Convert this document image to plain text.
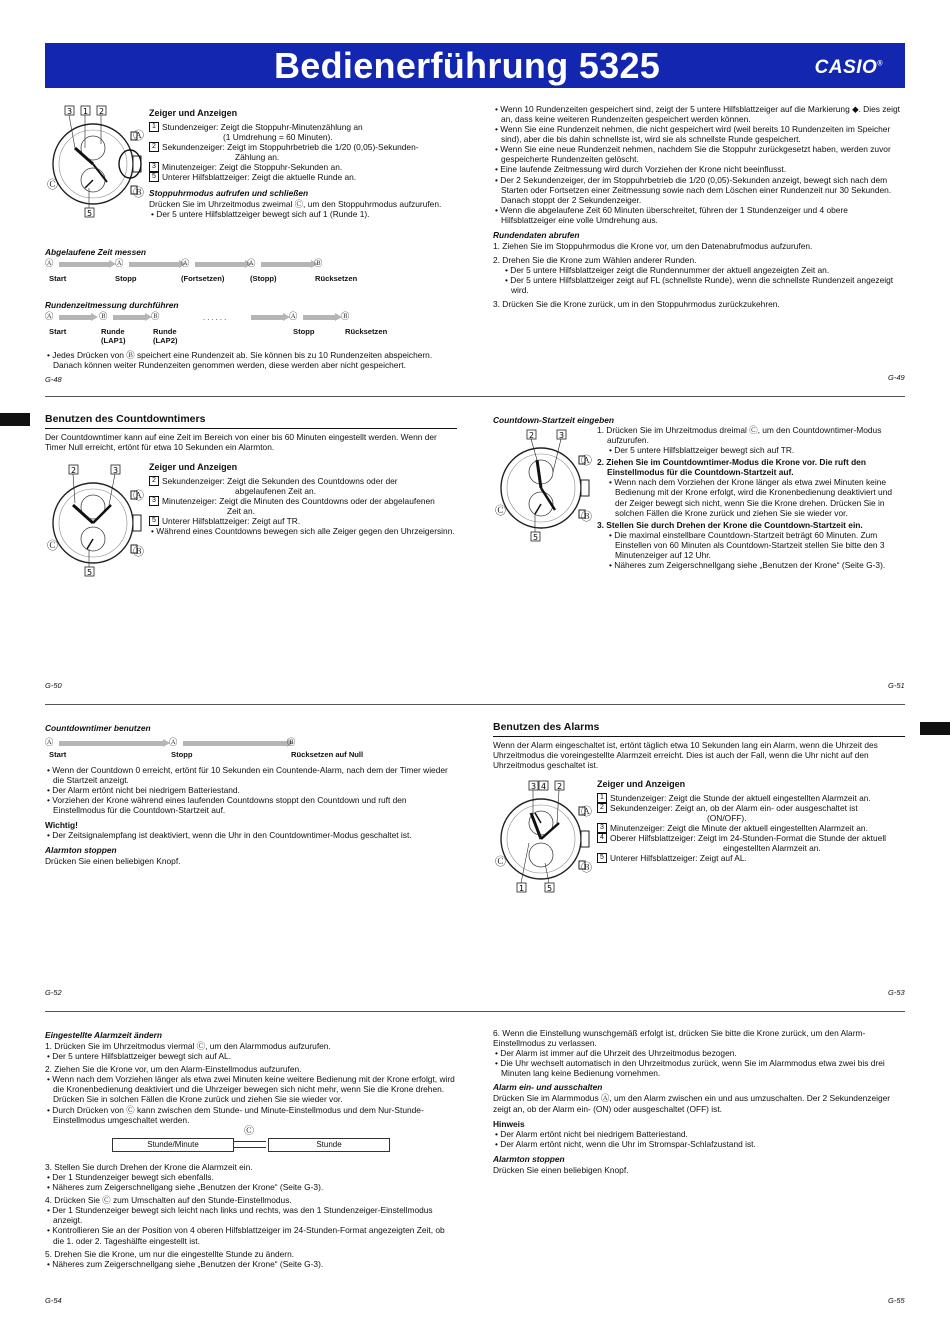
Bedienerführung 5325	CASIO®
Ⓒ
Ⓐ
Ⓑ
3 1 2
5
Zeiger und Anzeigen
1 Stundenzeiger: Zeigt die Stoppuhr-Minutenzählung an
(1 Umdrehung = 60 Minuten).
2 Sekundenzeiger: Zeigt im Stoppuhrbetrieb die 1/20 (0,05)-Sekunden-
Zählung an.
3 Minutenzeiger: Zeigt die Stoppuhr-Sekunden an.
5 Unterer Hilfsblattzeiger: Zeigt die aktuelle Runde an.
Stoppuhrmodus aufrufen und schließen
Drücken Sie im Uhrzeitmodus zweimal Ⓒ, um den Stoppuhrmodus aufzurufen.
• Der 5 untere Hilfsblattzeiger bewegt sich auf 1 (Runde 1).
Abgelaufene Zeit messen
Ⓐ	Ⓐ	Ⓐ	Ⓐ	Ⓑ
Start	Stopp	(Fortsetzen)	(Stopp)	Rücksetzen
Rundenzeitmessung durchführen
Ⓐ	Ⓑ	Ⓑ	. . . . . .	Ⓐ	Ⓑ
Start	Runde (LAP1)
Runde (LAP2)
Stopp	Rücksetzen
• Jedes Drücken von Ⓑ speichert eine Rundenzeit ab. Sie können bis zu 10 Rundenzeiten abspeichern.
Danach können weiter Rundenzeiten genommen werden, diese werden aber nicht gespeichert.
G-48
• Wenn 10 Rundenzeiten gespeichert sind, zeigt der 5 untere Hilfsblattzeiger auf die Markierung ◆. Dies zeigt an, dass keine weiteren Rundenzeiten gespeichert werden können.
• Wenn Sie eine Rundenzeit nehmen, die nicht gespeichert wird (weil bereits 10 Rundenzeiten im Speicher sind), aber die bis dahin schnellste ist, wird sie als schnellste Runde gespeichert.
• Wenn Sie eine neue Rundenzeit nehmen, nachdem Sie die Stoppuhr zurückgesetzt haben, werden zuvor gespeicherte Rundenzeiten gelöscht.
• Eine laufende Zeitmessung wird durch Vorziehen der Krone nicht beeinflusst.
• Der 2 Sekundenzeiger, der im Stoppuhrbetrieb die 1/20 (0,05)-Sekunden anzeigt, bewegt sich nach dem Starten oder Fortsetzen einer Zeitmessung sowie nach dem Löschen einer Rundenzeit nur 30 Sekunden. Danach stoppt der 2 Sekundenzeiger.
• Wenn die abgelaufene Zeit 60 Minuten überschreitet, führen der 1 Stundenzeiger und 4 obere Hilfsblattzeiger eine volle Umdrehung aus.
Rundendaten abrufen
1. Ziehen Sie im Stoppuhrmodus die Krone vor, um den Datenabrufmodus aufzurufen.
2. Drehen Sie die Krone zum Wählen anderer Runden.
• Der 5 untere Hilfsblattzeiger zeigt die Rundennummer der aktuell angezeigten Zeit an.
• Der 5 untere Hilfsblattzeiger zeigt auf FL (schnellste Runde), wenn die schnellste Rundenzeit angezeigt wird.
3. Drücken Sie die Krone zurück, um in den Stoppuhrmodus zurückzukehren.
G-49
Benutzen des Countdowntimers
Der Countdowntimer kann auf eine Zeit im Bereich von einer bis 60 Minuten eingestellt werden. Wenn der Timer Null erreicht, ertönt für etwa 10 Sekunden ein Alarmton.
Ⓒ
Ⓐ
Ⓑ
2	3
5
Zeiger und Anzeigen
2 Sekundenzeiger: Zeigt die Sekunden des Countdowns oder der
abgelaufenen Zeit an.
3 Minutenzeiger: Zeigt die Minuten des Countdowns oder der abgelaufenen
Zeit an.
5 Unterer Hilfsblattzeiger: Zeigt auf TR.
• Während eines Countdowns bewegen sich alle Zeiger gegen den Uhrzeigersinn.
G-50
Countdown-Startzeit eingeben
Ⓒ
Ⓐ
Ⓑ
2	3
5
1. Drücken Sie im Uhrzeitmodus dreimal Ⓒ, um den Countdowntimer-Modus aufzurufen.
• Der 5 untere Hilfsblattzeiger bewegt sich auf TR.
2. Ziehen Sie im Countdowntimer-Modus die Krone vor. Die ruft den Einstellmodus für die Countdown-Startzeit auf.
• Wenn nach dem Vorziehen der Krone länger als etwa zwei Minuten keine Bedienung mit der Krone erfolgt, wird die Kronenbedienung deaktiviert und der Zeiger bewegt sich nicht, wenn Sie die Krone drehen. Drücken Sie in solchen Fällen die Krone zurück und ziehen Sie sie wieder vor.
3. Stellen Sie durch Drehen der Krone die Countdown-Startzeit ein.
• Die maximal einstellbare Countdown-Startzeit beträgt 60 Minuten. Zum Einstellen von 60 Minuten als Countdown-Startzeit stellen Sie bitte den 3 Minutenzeiger auf 12 Uhr.
• Näheres zum Zeigerschnellgang siehe „Benutzen der Krone“ (Seite G-3).
G-51
Countdowntimer benutzen
Ⓐ	Ⓐ	Ⓑ
Start	Stopp	Rücksetzen auf Null
• Wenn der Countdown 0 erreicht, ertönt für 10 Sekunden ein Countende-Alarm, nach dem der Timer wieder die Startzeit anzeigt.
• Der Alarm ertönt nicht bei niedrigem Batteriestand.
• Vorziehen der Krone während eines laufenden Countdowns stoppt den Countdown und ruft den Einstellmodus für die Countdown-Startzeit auf.
Wichtig!
• Der Zeitsignalempfang ist deaktiviert, wenn die Uhr in den Countdowntimer-Modus geschaltet ist.
Alarmton stoppen
Drücken Sie einen beliebigen Knopf.
G-52
Benutzen des Alarms
Wenn der Alarm eingeschaltet ist, ertönt täglich etwa 10 Sekunden lang ein Alarm, wenn die Uhrzeit des Uhrzeitmodus die voreingestellte Alarmzeit erreicht. Dies ist auch der Fall, wenn die Uhr nicht auf den Uhrzeitmodus geschaltet ist.
Ⓒ
Ⓐ
Ⓑ
3 4 2
1	5
Zeiger und Anzeigen
1 Stundenzeiger: Zeigt die Stunde der aktuell eingestellten Alarmzeit an.
2 Sekundenzeiger: Zeigt an, ob der Alarm ein- oder ausgeschaltet ist
(ON/OFF).
3 Minutenzeiger: Zeigt die Minute der aktuell eingestellten Alarmzeit an.
4 Oberer Hilfsblattzeiger: Zeigt im 24-Stunden-Format die Stunde der aktuell
eingestellten Alarmzeit an.
5 Unterer Hilfsblattzeiger: Zeigt auf AL.
G-53
Eingestellte Alarmzeit ändern
1. Drücken Sie im Uhrzeitmodus viermal Ⓒ, um den Alarmmodus aufzurufen.
• Der 5 untere Hilfsblattzeiger bewegt sich auf AL.
2. Ziehen Sie die Krone vor, um den Alarm-Einstellmodus aufzurufen.
• Wenn nach dem Vorziehen länger als etwa zwei Minuten keine weitere Bedienung mit der Krone erfolgt, wird die Kronenbedienung deaktiviert und die Uhrzeiger bewegen sich nicht mehr, wenn Sie die Krone drehen. Drücken Sie in solchen Fällen die Krone zurück und ziehen Sie sie wieder vor.
• Durch Drücken von Ⓒ kann zwischen dem Stunde- und Minute-Einstellmodus und dem Nur-Stunde-Einstellmodus umgeschaltet werden.
Stunde/Minute	Stunde
Ⓒ
3. Stellen Sie durch Drehen der Krone die Alarmzeit ein.
• Der 1 Stundenzeiger bewegt sich ebenfalls.
• Näheres zum Zeigerschnellgang siehe „Benutzen der Krone“ (Seite G-3).
4. Drücken Sie Ⓒ zum Umschalten auf den Stunde-Einstellmodus.
• Der 1 Stundenzeiger bewegt sich leicht nach links und rechts, was den 1 Stundenzeiger-Einstellmodus anzeigt.
• Kontrollieren Sie an der Position von 4 oberen Hilfsblattzeiger im 24-Stunden-Format angezeigten Zeit, ob die 1. oder 2. Tageshälfte eingestellt ist.
5. Drehen Sie die Krone, um nur die eingestellte Stunde zu ändern.
• Näheres zum Zeigerschnellgang siehe „Benutzen der Krone“ (Seite G-3).
G-54
6. Wenn die Einstellung wunschgemäß erfolgt ist, drücken Sie bitte die Krone zurück, um den Alarm-Einstellmodus zu verlassen.
• Der Alarm ist immer auf die Uhrzeit des Uhrzeitmodus bezogen.
• Die Uhr wechselt automatisch in den Uhrzeitmodus zurück, wenn Sie im Alarmmodus etwa zwei bis drei Minuten lang keine Bedienung vornehmen.
Alarm ein- und ausschalten
Drücken Sie im Alarmmodus Ⓐ, um den Alarm zwischen ein und aus umzuschalten. Der 2 Sekundenzeiger zeigt an, ob der Alarm ein- (ON) oder ausgeschaltet (OFF) ist.
Hinweis
• Der Alarm ertönt nicht bei niedrigem Batteriestand.
• Der Alarm ertönt nicht, wenn die Uhr im Stromspar-Schlafzustand ist.
Alarmton stoppen
Drücken Sie einen beliebigen Knopf.
G-55
